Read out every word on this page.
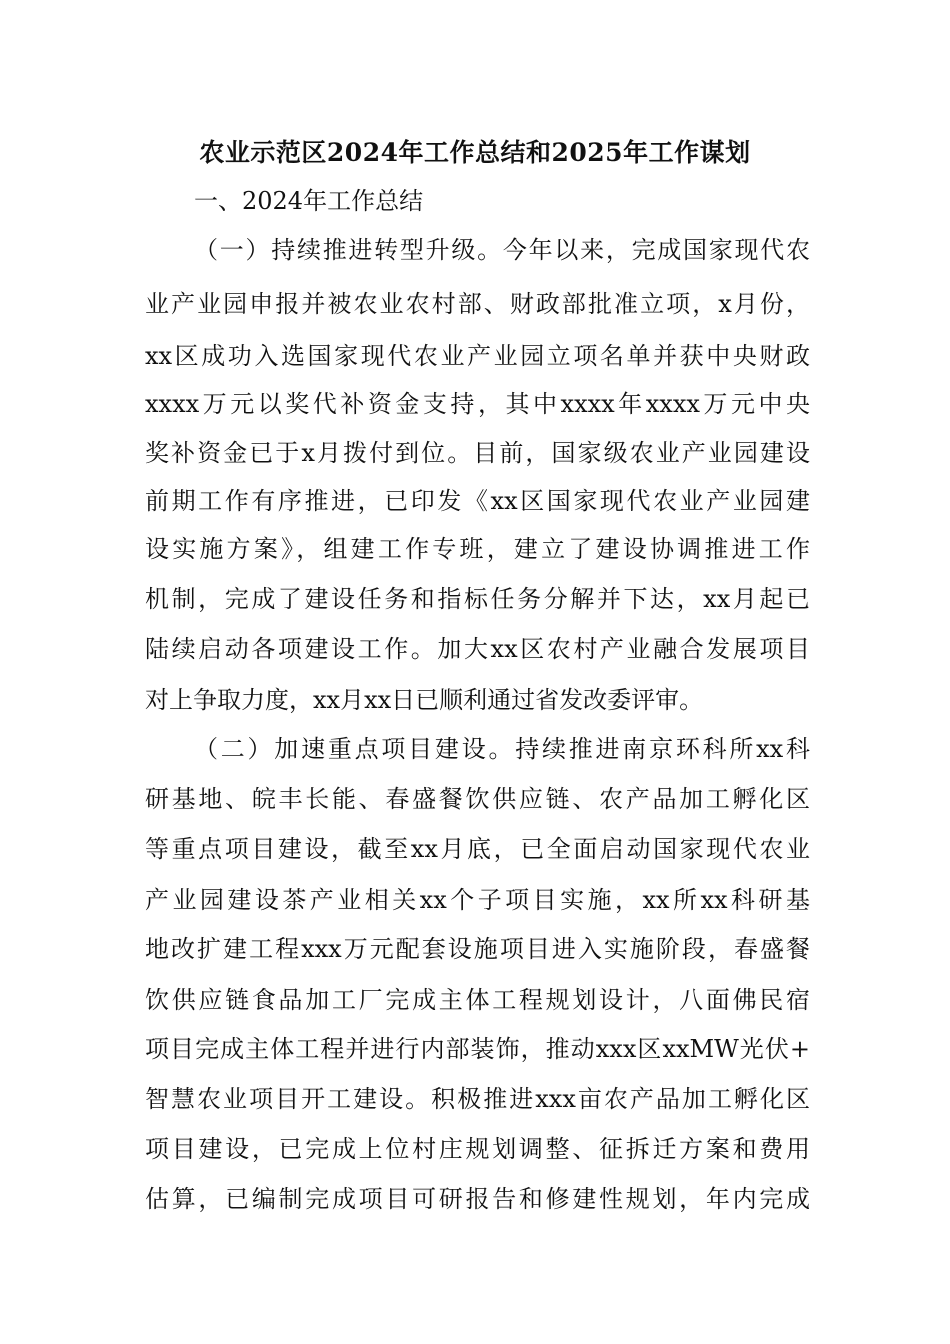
农业示范区2024年工作总结和2025年工作谋划
一、2024年工作总结
（一）持续推进转型升级。今年以来，完成国家现代农
业产业园申报并被农业农村部、财政部批准立项，x月份，
xx区成功入选国家现代农业产业园立项名单并获中央财政
xxxx万元以奖代补资金支持，其中xxxx年xxxx万元中央
奖补资金已于x月拨付到位。目前，国家级农业产业园建设
前期工作有序推进，已印发《xx区国家现代农业产业园建
设实施方案》，组建工作专班，建立了建设协调推进工作
机制，完成了建设任务和指标任务分解并下达，xx月起已
陆续启动各项建设工作。加大xx区农村产业融合发展项目
对上争取力度，xx月xx日已顺利通过省发改委评审。
（二）加速重点项目建设。持续推进南京环科所xx科
研基地、皖丰长能、春盛餐饮供应链、农产品加工孵化区
等重点项目建设，截至xx月底，已全面启动国家现代农业
产业园建设茶产业相关xx个子项目实施，xx所xx科研基
地改扩建工程xxx万元配套设施项目进入实施阶段，春盛餐
饮供应链食品加工厂完成主体工程规划设计，八面佛民宿
项目完成主体工程并进行内部装饰，推动xxx区xxMW光伏+
智慧农业项目开工建设。积极推进xxx亩农产品加工孵化区
项目建设，已完成上位村庄规划调整、征拆迁方案和费用
估算，已编制完成项目可研报告和修建性规划，年内完成
